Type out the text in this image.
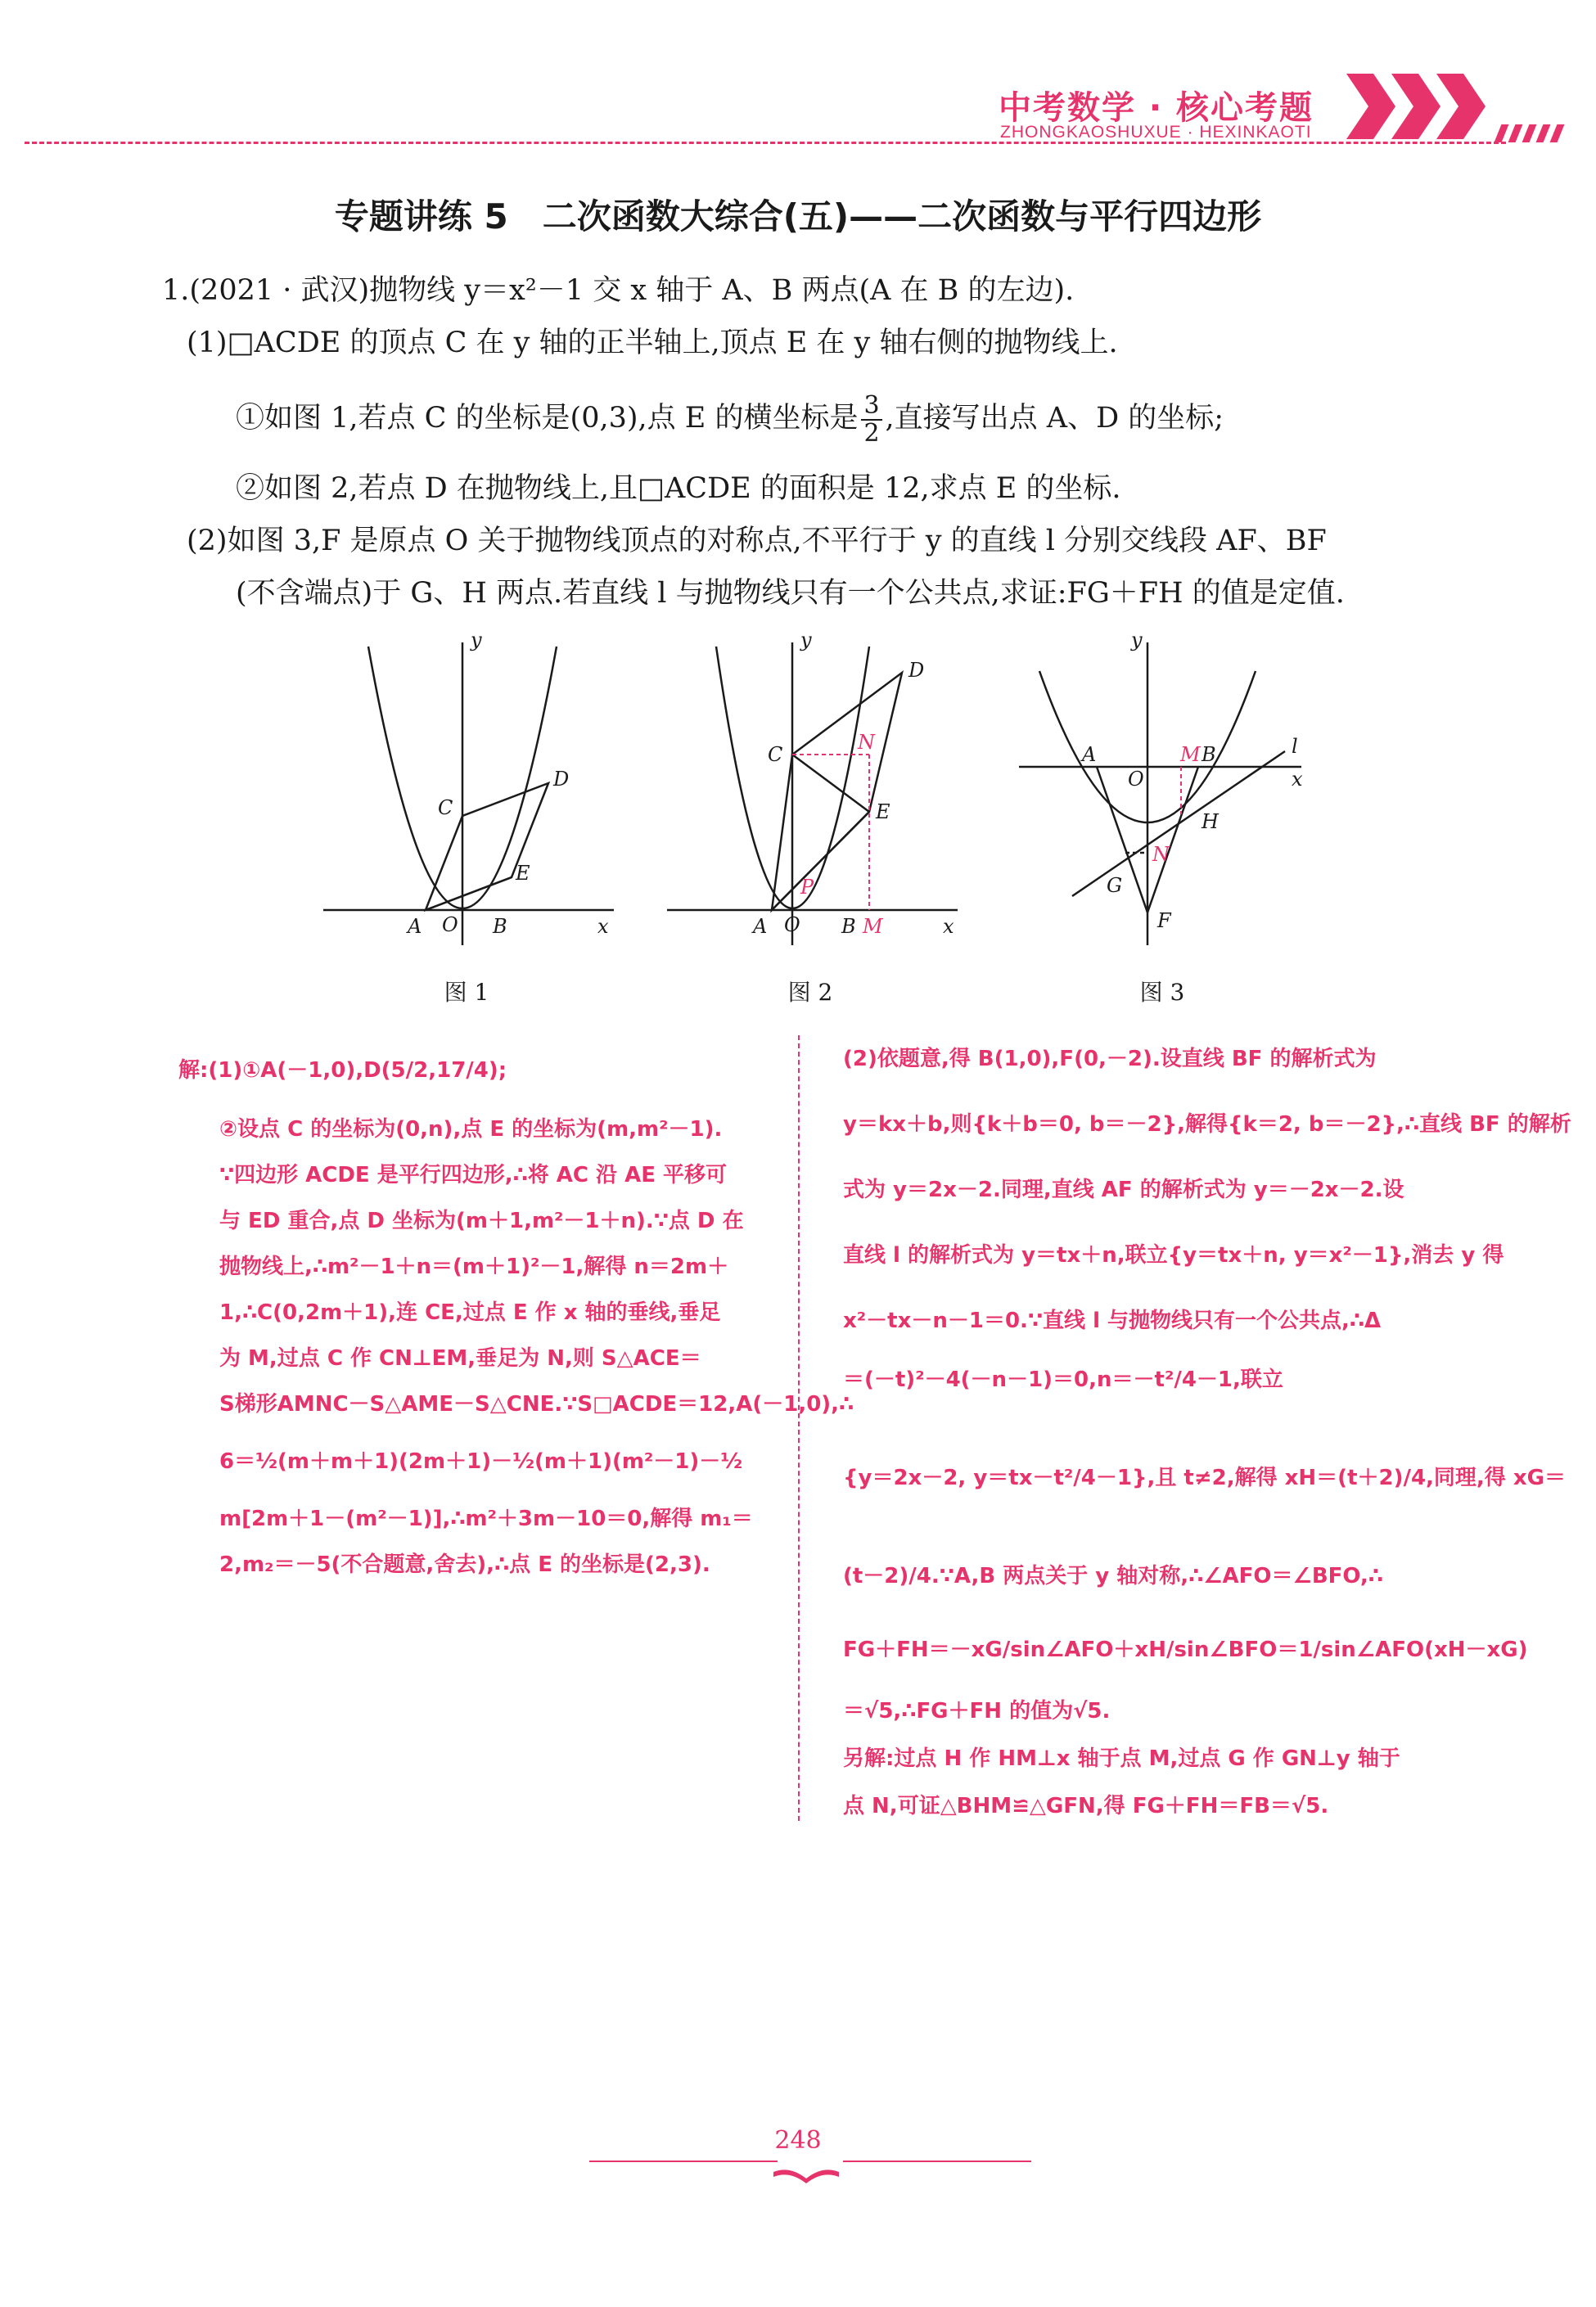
中考数学 · 核心考题
ZHONGKAOSHUXUE · HEXINKAOTI
专题讲练 5　二次函数大综合(五)——二次函数与平行四边形
1.(2021 · 武汉)抛物线 y＝x²－1 交 x 轴于 A、B 两点(A 在 B 的左边).
(1)□ACDE 的顶点 C 在 y 轴的正半轴上,顶点 E 在 y 轴右侧的抛物线上.
①如图 1,若点 C 的坐标是(0,3),点 E 的横坐标是 $\frac{3}{2}$ ,直接写出点 A、D 的坐标;
②如图 2,若点 D 在抛物线上,且□ACDE 的面积是 12,求点 E 的坐标.
(2)如图 3,F 是原点 O 关于抛物线顶点的对称点,不平行于 y 的直线 l 分别交线段 AF、BF
(不含端点)于 G、H 两点.若直线 l 与抛物线只有一个公共点,求证:FG＋FH 的值是定值.
y
C
D
E
A O B	x
图 1
y
D
C
N
E
P
A O B M	x
图 2
y
A
O
M B	l
x
H
N
G
F
图 3
解:(1)①A(－1,0),D(5/2,17/4);
②设点 C 的坐标为(0,n),点 E 的坐标为(m,m²－1).
∵四边形 ACDE 是平行四边形,∴将 AC 沿 AE 平移可
与 ED 重合,点 D 坐标为(m＋1,m²－1＋n).∵点 D 在
抛物线上,∴m²－1＋n＝(m＋1)²－1,解得 n＝2m＋
1,∴C(0,2m＋1),连 CE,过点 E 作 x 轴的垂线,垂足
为 M,过点 C 作 CN⊥EM,垂足为 N,则 S△ACE＝
S梯形AMNC－S△AME－S△CNE.∵S□ACDE＝12,A(－1,0),∴
6＝½(m＋m＋1)(2m＋1)－½(m＋1)(m²－1)－½
m[2m＋1－(m²－1)],∴m²＋3m－10＝0,解得 m₁＝
2,m₂＝－5(不合题意,舍去),∴点 E 的坐标是(2,3).
(2)依题意,得 B(1,0),F(0,－2).设直线 BF 的解析式为
y＝kx＋b,则{k＋b＝0, b＝－2},解得{k＝2, b＝－2},∴直线 BF 的解析
式为 y＝2x－2.同理,直线 AF 的解析式为 y＝－2x－2.设
直线 l 的解析式为 y＝tx＋n,联立{y＝tx＋n, y＝x²－1},消去 y 得
x²－tx－n－1＝0.∵直线 l 与抛物线只有一个公共点,∴Δ
＝(－t)²－4(－n－1)＝0,n＝－t²/4－1,联立
{y＝2x－2, y＝tx－t²/4－1},且 t≠2,解得 xH＝(t＋2)/4,同理,得 xG＝
(t－2)/4.∵A,B 两点关于 y 轴对称,∴∠AFO＝∠BFO,∴
FG＋FH＝－xG/sin∠AFO＋xH/sin∠BFO＝1/sin∠AFO(xH－xG)
＝√5,∴FG＋FH 的值为√5.
另解:过点 H 作 HM⊥x 轴于点 M,过点 G 作 GN⊥y 轴于
点 N,可证△BHM≌△GFN,得 FG＋FH＝FB＝√5.
248
